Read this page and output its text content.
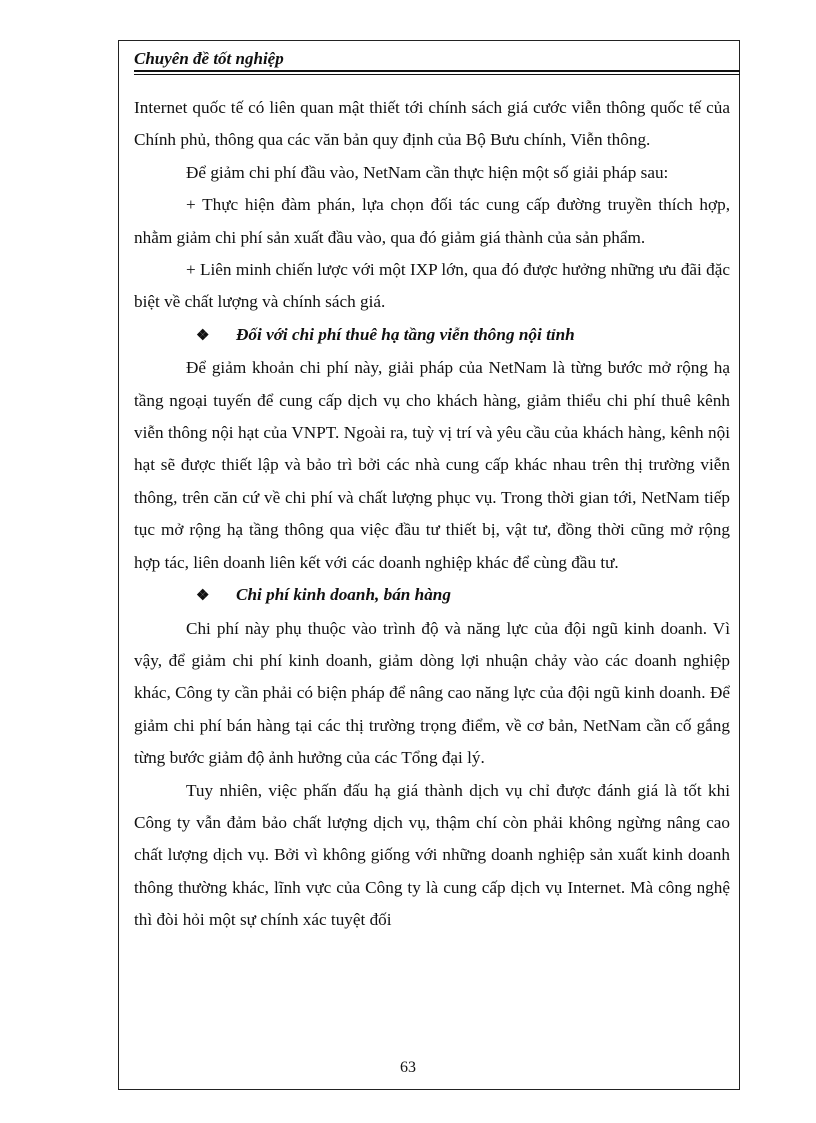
Chuyên đề tốt nghiệp

Internet quốc tế có liên quan mật thiết tới chính sách giá cước viễn thông quốc tế của Chính phủ, thông qua các văn bản quy định của Bộ Bưu chính, Viễn thông.

Để giảm chi phí đầu vào, NetNam cần thực hiện một số giải pháp sau:

+ Thực hiện đàm phán, lựa chọn đối tác cung cấp đường truyền thích hợp, nhằm giảm chi phí sản xuất đầu vào, qua đó giảm giá thành của sản phẩm.

+ Liên minh chiến lược với một IXP lớn, qua đó được hưởng những ưu đãi đặc biệt về chất lượng và chính sách giá.

❖ Đối với chi phí thuê hạ tầng viễn thông nội tỉnh

Để giảm khoản chi phí này, giải pháp của NetNam là từng bước mở rộng hạ tầng ngoại tuyến để cung cấp dịch vụ cho khách hàng, giảm thiểu chi phí thuê kênh viễn thông nội hạt của VNPT. Ngoài ra, tuỳ vị trí và yêu cầu của khách hàng, kênh nội hạt sẽ được thiết lập và bảo trì bởi các nhà cung cấp khác nhau trên thị trường viễn thông, trên căn cứ về chi phí và chất lượng phục vụ. Trong thời gian tới, NetNam tiếp tục mở rộng hạ tầng thông qua việc đầu tư thiết bị, vật tư, đồng thời cũng mở rộng hợp tác, liên doanh liên kết với các doanh nghiệp khác để cùng đầu tư.

❖ Chi phí kinh doanh, bán hàng

Chi phí này phụ thuộc vào trình độ và năng lực của đội ngũ kinh doanh. Vì vậy, để giảm chi phí kinh doanh, giảm dòng lợi nhuận chảy vào các doanh nghiệp khác, Công ty cần phải có biện pháp để nâng cao năng lực của đội ngũ kinh doanh. Để giảm chi phí bán hàng tại các thị trường trọng điểm, về cơ bản, NetNam cần cố gắng từng bước giảm độ ảnh hưởng của các Tổng đại lý.

Tuy nhiên, việc phấn đấu hạ giá thành dịch vụ chỉ được đánh giá là tốt khi Công ty vẫn đảm bảo chất lượng dịch vụ, thậm chí còn phải không ngừng nâng cao chất lượng dịch vụ. Bởi vì không giống với những doanh nghiệp sản xuất kinh doanh thông thường khác, lĩnh vực của Công ty là cung cấp dịch vụ Internet. Mà công nghệ thì đòi hỏi một sự chính xác tuyệt đối

63
